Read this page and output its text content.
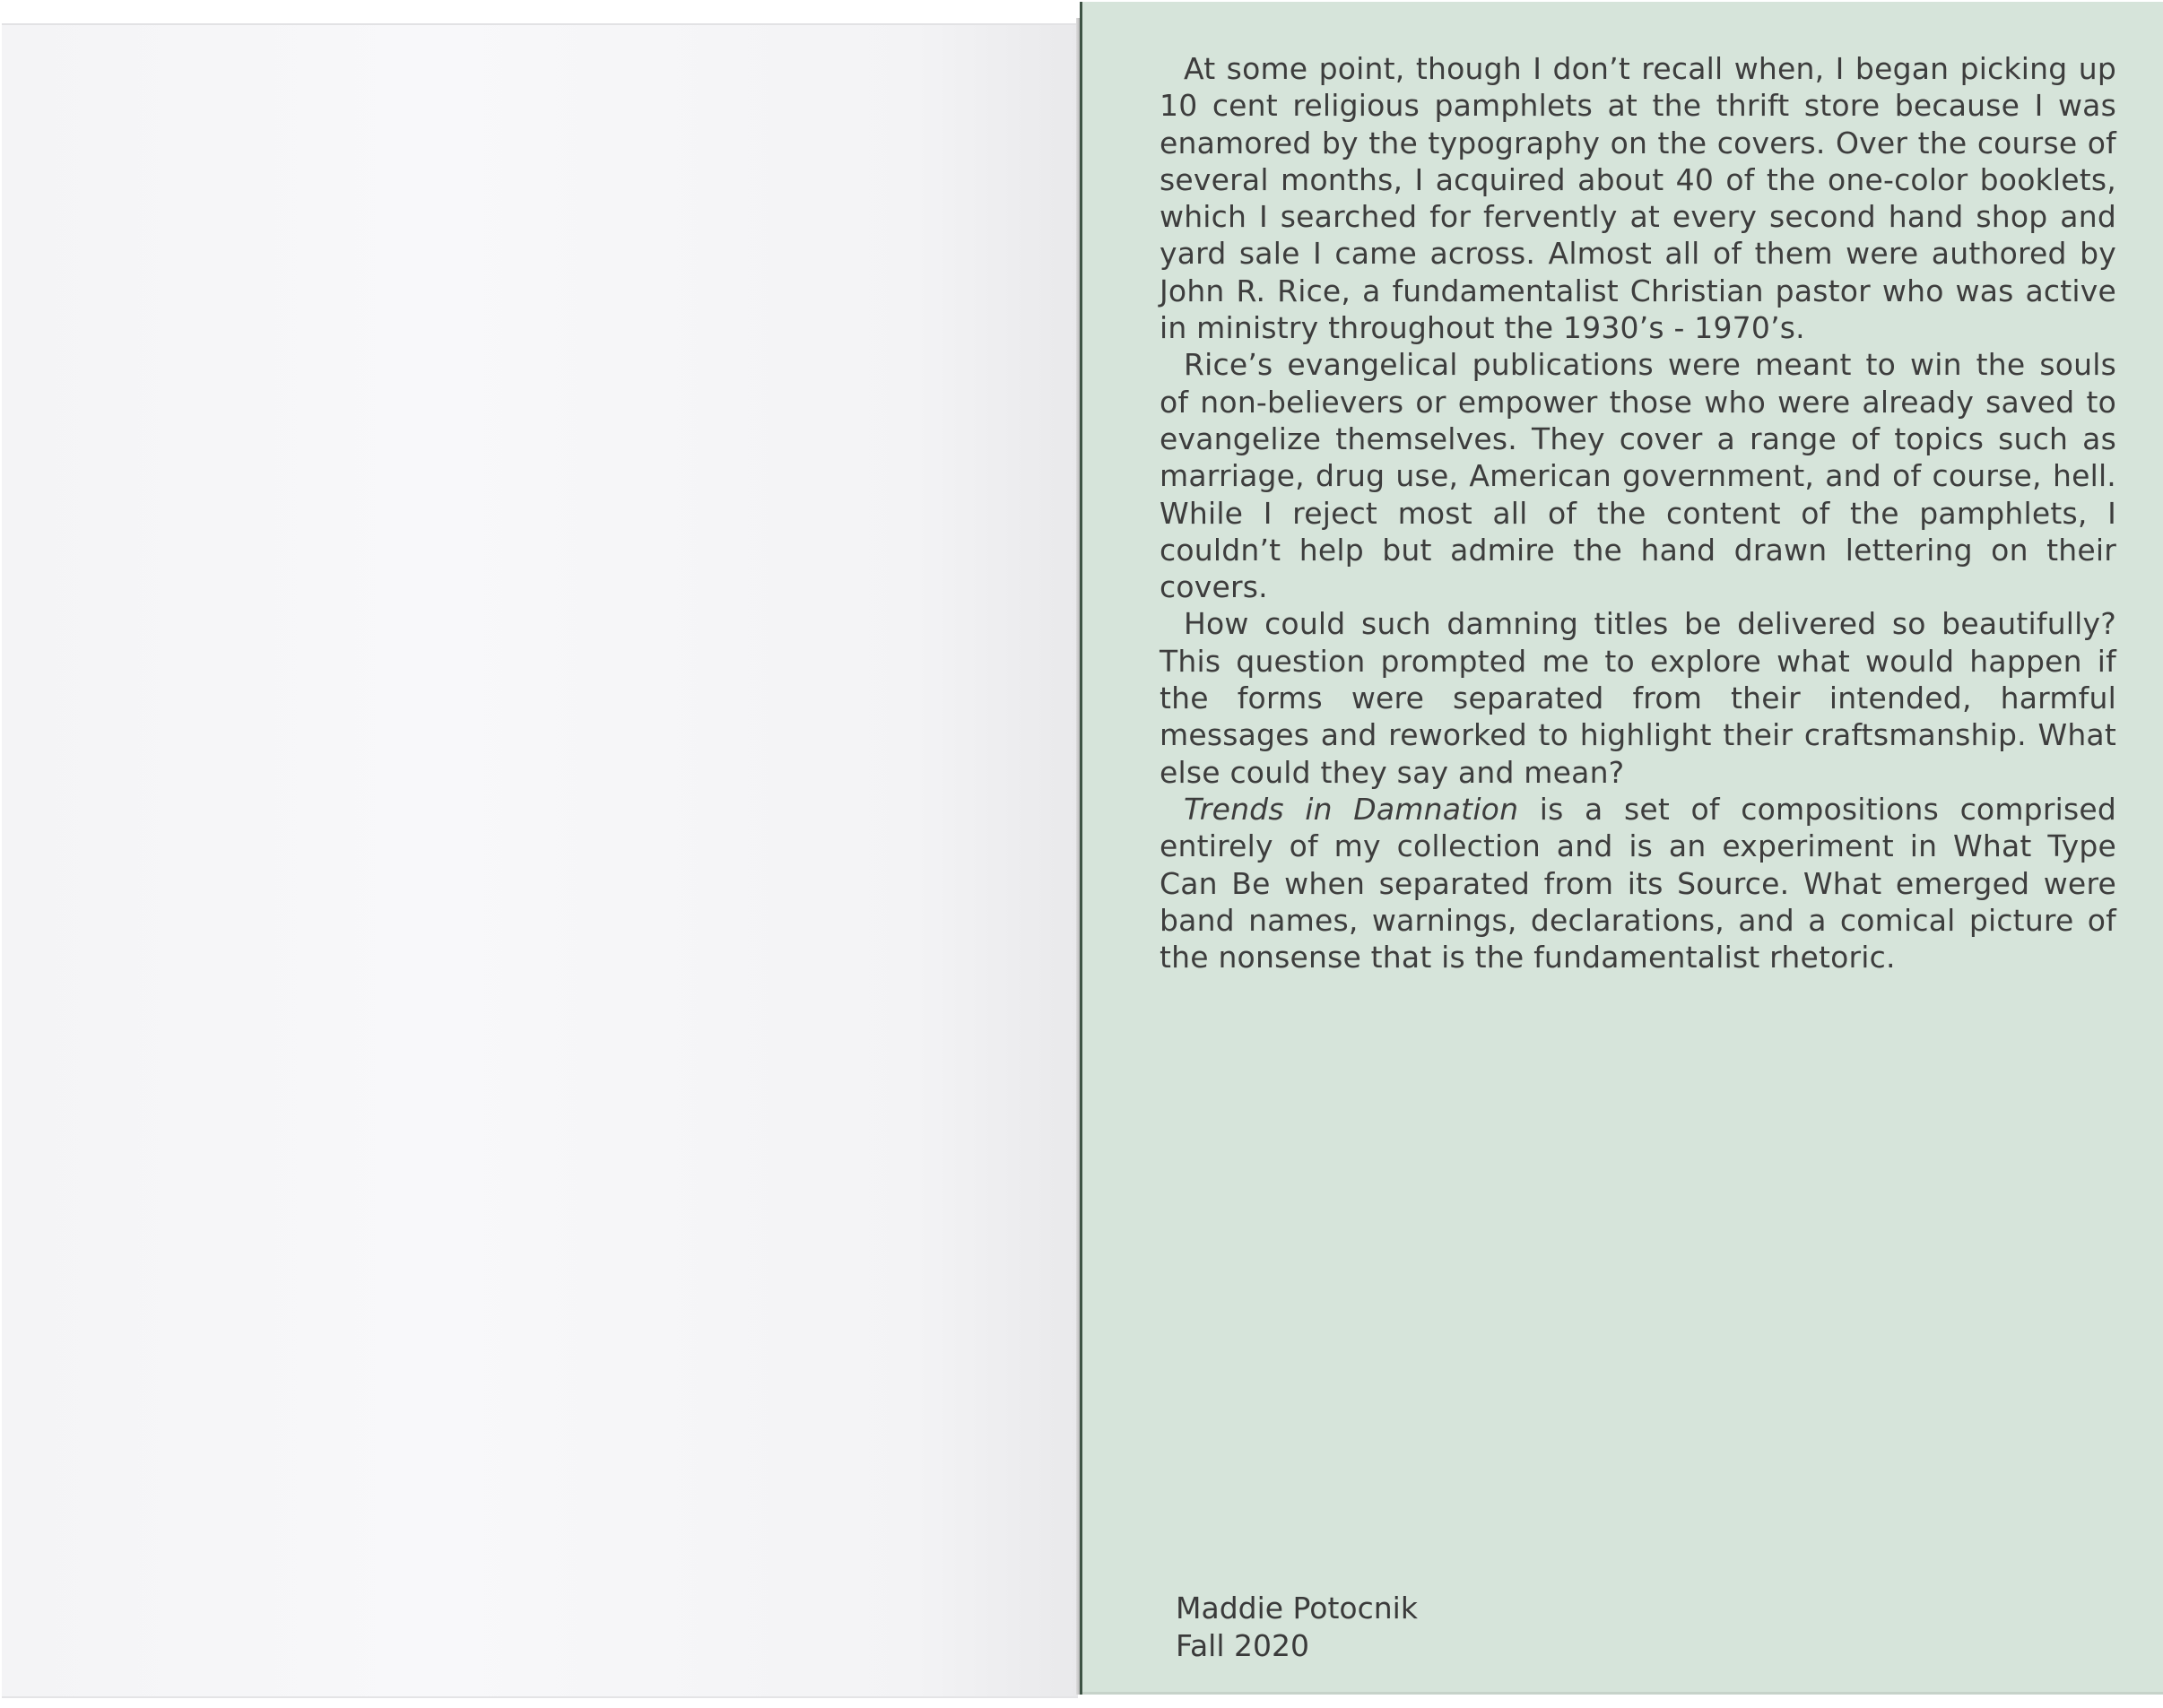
At some point, though I don’t recall when, I began picking up 10 cent religious pamphlets at the thrift store because I was enamored by the typography on the covers. Over the course of several months, I acquired about 40 of the one-color booklets, which I searched for fervently at every second hand shop and yard sale I came across. Almost all of them were authored by John R. Rice, a fundamentalist Christian pastor who was active in ministry throughout the 1930’s - 1970’s.

Rice’s evangelical publications were meant to win the souls of non-believers or empower those who were already saved to evangelize themselves. They cover a range of topics such as marriage, drug use, American government, and of course, hell. While I reject most all of the content of the pamphlets, I couldn’t help but admire the hand drawn lettering on their covers.

How could such damning titles be delivered so beautifully? This question prompted me to explore what would happen if the forms were separated from their intended, harmful messages and reworked to highlight their craftsmanship. What else could they say and mean?

Trends in Damnation is a set of compositions comprised entirely of my collection and is an experiment in What Type Can Be when separated from its Source. What emerged were band names, warnings, declarations, and a comical picture of the nonsense that is the fundamentalist rhetoric.

Maddie Potocnik
Fall 2020
